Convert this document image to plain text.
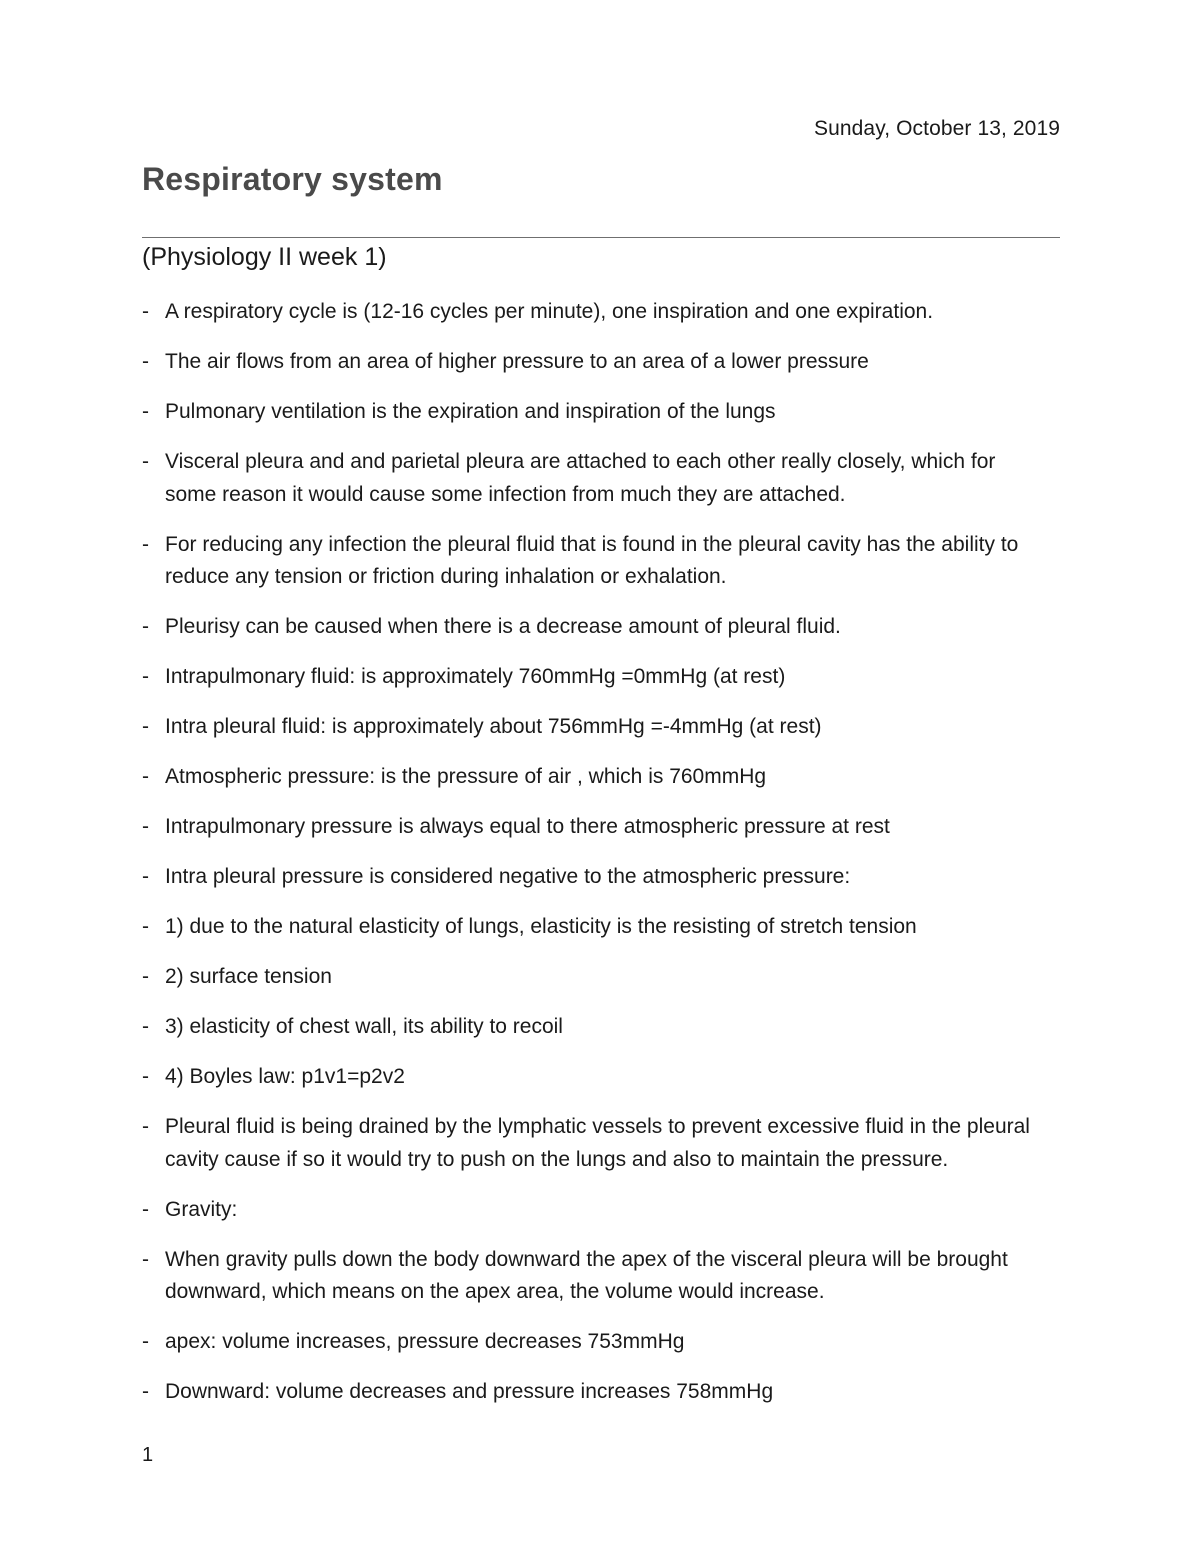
Sunday, October 13, 2019
Respiratory system
(Physiology II week 1)
- A respiratory cycle is (12-16 cycles per minute), one inspiration and one expiration.
- The air flows from an area of higher pressure to an area of a lower pressure
- Pulmonary ventilation is the expiration and inspiration of the lungs
- Visceral pleura and and parietal pleura are attached to each other really closely, which for some reason it would cause some infection from much they are attached.
- For reducing any infection the pleural fluid that is found in the pleural cavity has the ability to reduce any tension or friction during inhalation or exhalation.
- Pleurisy can be caused when there is a decrease amount of pleural fluid.
- Intrapulmonary fluid: is approximately 760mmHg =0mmHg (at rest)
- Intra pleural fluid: is approximately about 756mmHg =-4mmHg (at rest)
- Atmospheric pressure: is the pressure of air , which is 760mmHg
- Intrapulmonary pressure is always equal to there atmospheric pressure at rest
- Intra pleural pressure is considered negative to the atmospheric pressure:
- 1) due to the natural elasticity of lungs, elasticity is the resisting of stretch tension
- 2) surface tension
- 3) elasticity of chest wall, its ability to recoil
- 4) Boyles law: p1v1=p2v2
- Pleural fluid is being drained by the lymphatic vessels to prevent excessive fluid in the pleural cavity cause if so it would try to push on the lungs and also to maintain the pressure.
- Gravity:
- When gravity pulls down the body downward the apex of the visceral pleura will be brought downward, which means on the apex area, the volume would increase.
- apex: volume increases, pressure decreases 753mmHg
- Downward: volume decreases and pressure increases 758mmHg
1
